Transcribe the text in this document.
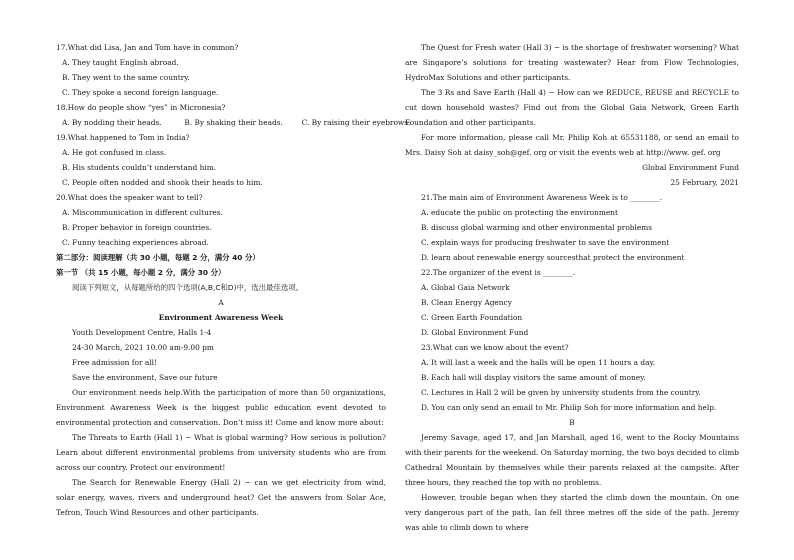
17.What did Lisa, Jan and Tom have in common?
A. They taught English abroad.
B. They went to the same country.
C. They spoke a second foreign language.
18.How do people show “yes” in Micronesia?
A. By nodding their heads.	B. By shaking their heads.	C. By raising their eyebrows.
19.What happened to Tom in India?
A. He got confused in class.
B. His students couldn’t understand him.
C. People often nodded and shook their heads to him.
20.What does the speaker want to tell?
A. Miscommunication in different cultures.
B. Proper behavior in foreign countries.
C. Funny teaching experiences abroad.
第二部分：阅读理解（共 30 小题，每题 2 分，满分 40 分）
第一节 （共 15 小题，每小题 2 分，满分 30 分）
阅读下列短文，从每题所给的四个选项(A,B,C和D)中，选出最佳选项。
A
Environment Awareness Week
Youth Development Centre, Halls 1-4
24-30 March, 2021 10.00 am-9.00 pm
Free admission for all!
Save the environment, Save our future
Our environment needs help.With the participation of more than 50 organizations, Environment Awareness Week is the biggest public education event devoted to environmental protection and conservation. Don’t miss it! Come and know more about:
The Threats to Earth (Hall 1) − What is global warming? How serious is pollution? Learn about different environmental problems from university students who are from across our country. Protect our environment!
The Search for Renewable Energy (Hall 2) − can we get electricity from wind, solar energy, waves, rivers and underground heat? Get the answers from Solar Ace, Tefron, Touch Wind Resources and other participants.
The Quest for Fresh water (Hall 3) − is the shortage of freshwater worsening? What are Singapore’s solutions for treating wastewater? Hear from Flow Technologies, HydroMax Solutions and other participants.
The 3 Rs and Save Earth (Hall 4) − How can we REDUCE, REUSE and RECYCLE to cut down household wastes? Find out from the Global Gaia Network, Green Earth Foundation and other participants.
For more information, please call Mr. Philip Koh at 65531188, or send an email to Mrs. Daisy Soh at daisy_soh@gef. org or visit the events web at http://www. gef. org
Global Environment Fund
25 February, 2021
21.The main aim of Environment Awareness Week is to ________.
A. educate the public on protecting the environment
B. discuss global warming and other environmental problems
C. explain ways for producing freshwater to save the environment
D. learn about renewable energy sourcesthat protect the environment
22.The organizer of the event is ________.
A. Global Gaia Network
B. Clean Energy Agency
C. Green Earth Foundation
D. Global Environment Fund
23.What can we know about the event?
A. It will last a week and the halls will be open 11 hours a day.
B. Each hall will display visitors the same amount of money.
C. Lectures in Hall 2 will be given by university students from the country.
D. You can only send an email to Mr. Philip Soh for more information and help.
B
Jeremy Savage, aged 17, and Jan Marshall, aged 16, went to the Rocky Mountains with their parents for the weekend. On Saturday morning, the two boys decided to climb Cathedral Mountain by themselves while their parents relaxed at the campsite. After three hours, they reached the top with no problems.
However, trouble began when they started the climb down the mountain. On one very dangerous part of the path, Ian fell three metres off the side of the path. Jeremy was able to climb down to where
